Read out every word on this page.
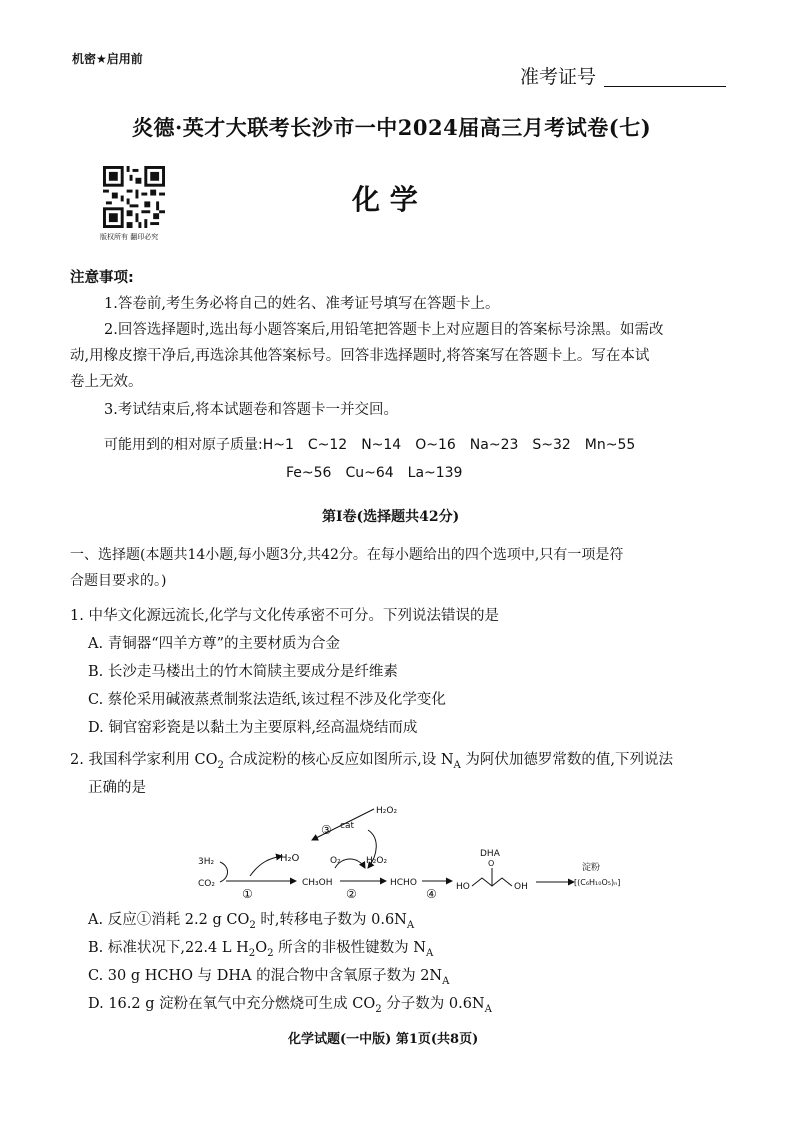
机密★启用前
准考证号
炎德·英才大联考长沙市一中2024届高三月考试卷(七)
版权所有 翻印必究
化 学
注意事项:
1.答卷前,考生务必将自己的姓名、准考证号填写在答题卡上。
2.回答选择题时,选出每小题答案后,用铅笔把答题卡上对应题目的答案标号涂黑。如需改
动,用橡皮擦干净后,再选涂其他答案标号。回答非选择题时,将答案写在答题卡上。写在本试
卷上无效。
3.考试结束后,将本试题卷和答题卡一并交回。
可能用到的相对原子质量:H~1　C~12　N~14　O~16　Na~23　S~32　Mn~55
Fe~56　Cu~64　La~139
第Ⅰ卷(选择题共42分)
一、选择题(本题共14小题,每小题3分,共42分。在每小题给出的四个选项中,只有一项是符
合题目要求的。)
1. 中华文化源远流长,化学与文化传承密不可分。下列说法错误的是
A. 青铜器“四羊方尊”的主要材质为合金
B. 长沙走马楼出土的竹木简牍主要成分是纤维素
C. 蔡伦采用碱液蒸煮制浆法造纸,该过程不涉及化学变化
D. 铜官窑彩瓷是以黏土为主要原料,经高温烧结而成
2. 我国科学家利用 $CO_2$ 合成淀粉的核心反应如图所示,设 $N_A$ 为阿伏加德罗常数的值,下列说法
正确的是
H₂O₂
cat
③
H₂O	O₂	H₂O₂
3H₂
CO₂
①
CH₃OH
②
HCHO
④
DHA
HO
O
OH
淀粉
[(C₆H₁₀O₅)ₙ]
A. 反应①消耗 2.2 g $CO_2$ 时,转移电子数为 $0.6N_A$
B. 标准状况下,22.4 L $H_2O_2$ 所含的非极性键数为 $N_A$
C. 30 g HCHO 与 DHA 的混合物中含氧原子数为 $2N_A$
D. 16.2 g 淀粉在氧气中充分燃烧可生成 $CO_2$ 分子数为 $0.6N_A$
化学试题(一中版) 第1页(共8页)
